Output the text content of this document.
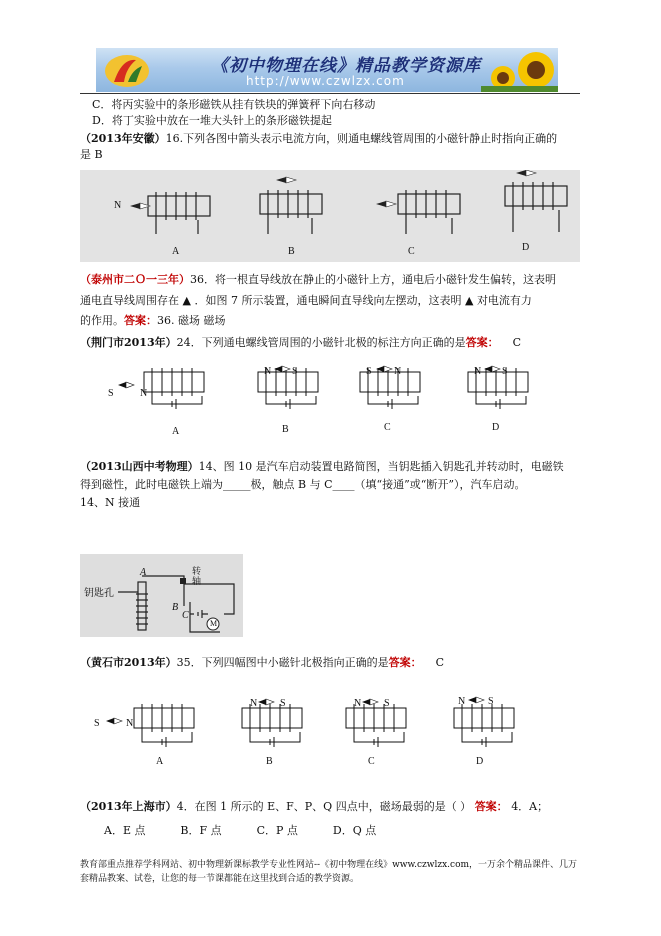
《初中物理在线》精品教学资源库
http://www.czwlzx.com
C．将丙实验中的条形磁铁从挂有铁块的弹簧秤下向右移动
D．将丁实验中放在一堆大头针上的条形磁铁提起
（2013年安徽）16.下列各图中箭头表示电流方向，则通电螺线管周围的小磁针静止时指向正确的
是 B
N
A	B	C	D
（泰州市二Ｏ一三年）36．将一根直导线放在静止的小磁针上方，通电后小磁针发生偏转，这表明
通电直导线周围存在 ▲ ．如图 7 所示装置，通电瞬间直导线向左摆动，这表明 ▲ 对电流有力
的作用。答案：36. 磁场 磁场
（荆门市2013年）24．下列通电螺线管周围的小磁针北极的标注方向正确的是答案： C
S	N
N S	S N	N S
A	B	C	D
（2013山西中考物理）14、图 10 是汽车启动装置电路简图，当钥匙插入钥匙孔并转动时，电磁铁
得到磁性，此时电磁铁上端为_____极，触点 B 与 C____（填“接通”或“断开”），汽车启动。
14、N 接通
钥匙孔
转轴
A
B
C
M
（黄石市2013年）35．下列四幅图中小磁针北极指向正确的是答案： C
S	N
N S	N S	N S
A	B	C	D
（2013年上海市）4．在图 1 所示的 E、F、P、Q 四点中，磁场最弱的是（ ） 答案： 4．A；
A．E 点          B．F 点          C．P 点          D．Q 点
教育部重点推荐学科网站、初中物理新课标教学专业性网站--《初中物理在线》www.czwlzx.com，一万余个精品课件、几万套精品教案、试卷，让您的每一节课都能在这里找到合适的教学资源。
